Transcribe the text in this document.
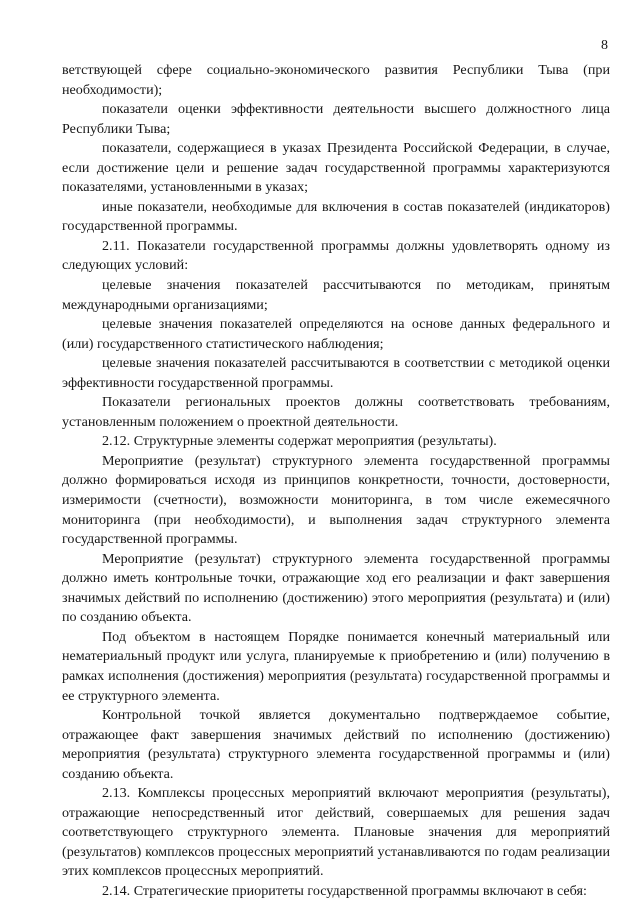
8

ветствующей сфере социально-экономического развития Республики Тыва (при необходимости);

показатели оценки эффективности деятельности высшего должностного лица Республики Тыва;

показатели, содержащиеся в указах Президента Российской Федерации, в случае, если достижение цели и решение задач государственной программы характеризуются показателями, установленными в указах;

иные показатели, необходимые для включения в состав показателей (индикаторов) государственной программы.

2.11. Показатели государственной программы должны удовлетворять одному из следующих условий:

целевые значения показателей рассчитываются по методикам, принятым международными организациями;

целевые значения показателей определяются на основе данных федерального и (или) государственного статистического наблюдения;

целевые значения показателей рассчитываются в соответствии с методикой оценки эффективности государственной программы.

Показатели региональных проектов должны соответствовать требованиям, установленным положением о проектной деятельности.

2.12. Структурные элементы содержат мероприятия (результаты).

Мероприятие (результат) структурного элемента государственной программы должно формироваться исходя из принципов конкретности, точности, достоверности, измеримости (счетности), возможности мониторинга, в том числе ежемесячного мониторинга (при необходимости), и выполнения задач структурного элемента государственной программы.

Мероприятие (результат) структурного элемента государственной программы должно иметь контрольные точки, отражающие ход его реализации и факт завершения значимых действий по исполнению (достижению) этого мероприятия (результата) и (или) по созданию объекта.

Под объектом в настоящем Порядке понимается конечный материальный или нематериальный продукт или услуга, планируемые к приобретению и (или) получению в рамках исполнения (достижения) мероприятия (результата) государственной программы и ее структурного элемента.

Контрольной точкой является документально подтверждаемое событие, отражающее факт завершения значимых действий по исполнению (достижению) мероприятия (результата) структурного элемента государственной программы и (или) созданию объекта.

2.13. Комплексы процессных мероприятий включают мероприятия (результаты), отражающие непосредственный итог действий, совершаемых для решения задач соответствующего структурного элемента. Плановые значения для мероприятий (результатов) комплексов процессных мероприятий устанавливаются по годам реализации этих комплексов процессных мероприятий.

2.14. Стратегические приоритеты государственной программы включают в себя:
